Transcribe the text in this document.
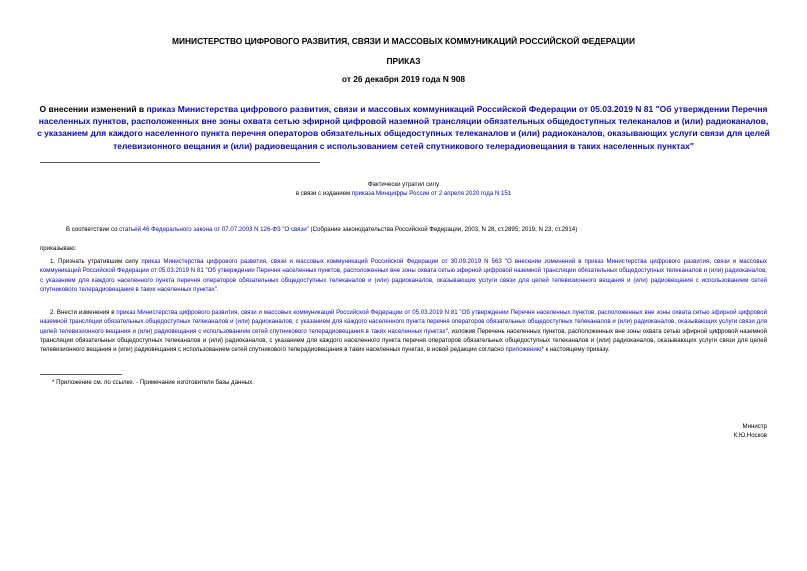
МИНИСТЕРСТВО ЦИФРОВОГО РАЗВИТИЯ, СВЯЗИ И МАССОВЫХ КОММУНИКАЦИЙ РОССИЙСКОЙ ФЕДЕРАЦИИ
ПРИКАЗ
от 26 декабря 2019 года N 908
О внесении изменений в приказ Министерства цифрового развития, связи и массовых коммуникаций Российской Федерации от 05.03.2019 N 81 "Об утверждении Перечня населенных пунктов, расположенных вне зоны охвата сетью эфирной цифровой наземной трансляции обязательных общедоступных телеканалов и (или) радиоканалов, с указанием для каждого населенного пункта перечня операторов обязательных общедоступных телеканалов и (или) радиоканалов, оказывающих услуги связи для целей телевизионного вещания и (или) радиовещания с использованием сетей спутникового телерадиовещания в таких населенных пунктах"
Фактически утратил силу
в связи с изданием приказа Минцифры России от 2 апреля 2020 года N 151
В соответствии со статьей 46 Федерального закона от 07.07.2003 N 126-ФЗ "О связи" (Собрание законодательства Российской Федерации, 2003, N 28, ст.2895; 2019, N 23, ст.2914)
приказываю:
1. Признать утратившим силу приказ Министерства цифрового развития, связи и массовых коммуникаций Российской Федерации от 30.09.2019 N 563 "О внесении изменений в приказ Министерства цифрового развития, связи и массовых коммуникаций Российской Федерации от 05.03.2019 N 81 "Об утверждении Перечня населенных пунктов, расположенных вне зоны охвата сетью эфирной цифровой наземной трансляции обязательных общедоступных телеканалов и (или) радиоканалов, с указанием для каждого населенного пункта перечня операторов обязательных общедоступных телеканалов и (или) радиоканалов, оказывающих услуги связи для целей телевизионного вещания и (или) радиовещания с использованием сетей спутникового телерадиовещания в таких населенных пунктах".
2. Внести изменения в приказ Министерства цифрового развития, связи и массовых коммуникаций Российской Федерации от 05.03.2019 N 81 "Об утверждении Перечня населенных пунктов, расположенных вне зоны охвата сетью эфирной цифровой наземной трансляции обязательных общедоступных телеканалов и (или) радиоканалов, с указанием для каждого населенного пункта перечня операторов обязательных общедоступных телеканалов и (или) радиоканалов, оказывающих услуги связи для целей телевизионного вещания и (или) радиовещания с использованием сетей спутникового телерадиовещания в таких населенных пунктах", изложив Перечень населенных пунктов, расположенных вне зоны охвата сетью эфирной цифровой наземной трансляции обязательных общедоступных телеканалов и (или) радиоканалов, с указанием для каждого населенного пункта перечня операторов обязательных общедоступных телеканалов и (или) радиоканалов, оказывающих услуги связи для целей телевизионного вещания и (или) радиовещания с использованием сетей спутникового телерадиовещания в таких населенных пунктах, в новой редакции согласно приложению* к настоящему приказу.
* Приложение см. по ссылке. - Примечание изготовителя базы данных.
Министр
К.Ю.Носков
